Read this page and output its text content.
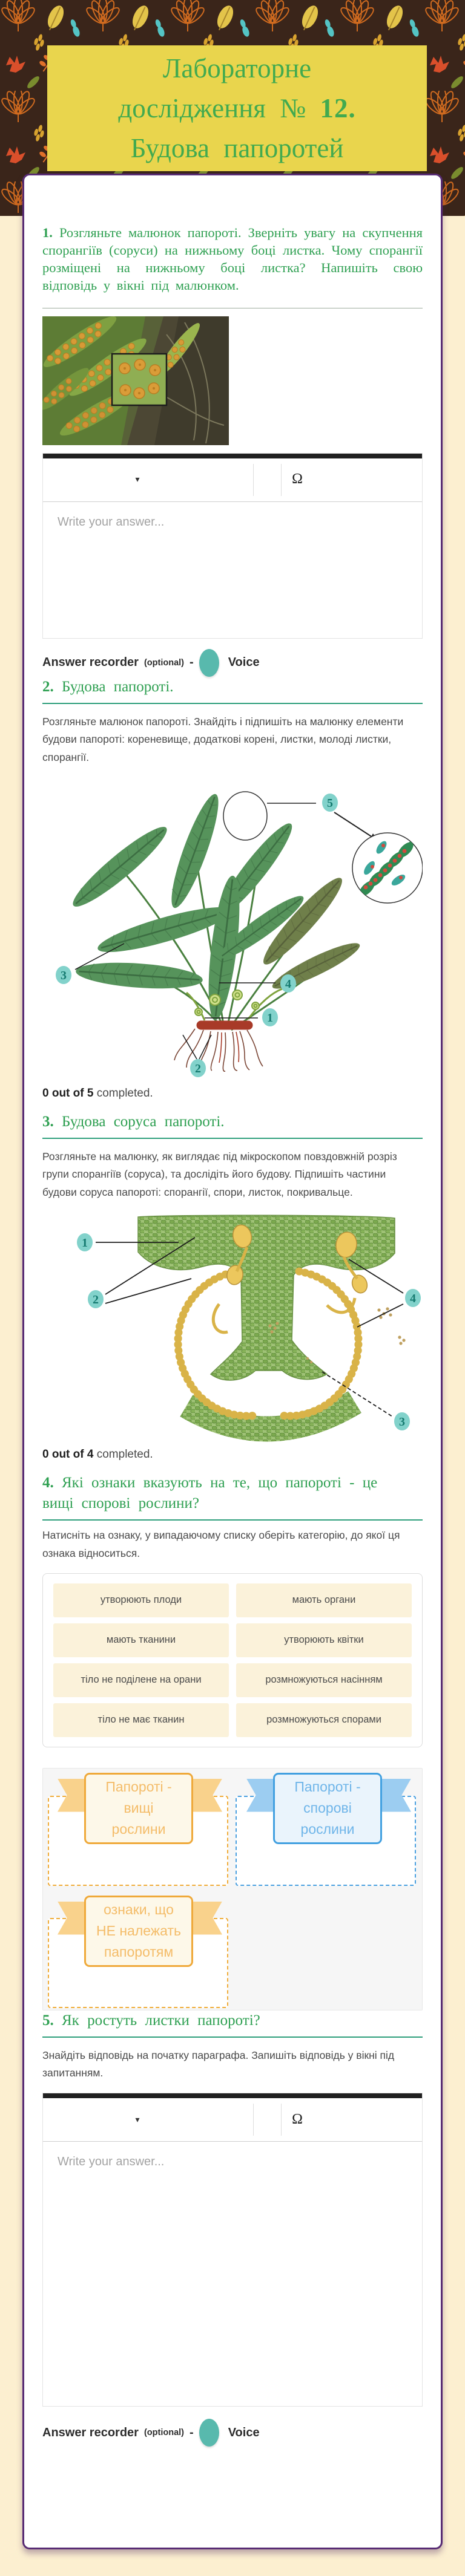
Лабораторне
дослідження № 12.
Будова папоротей

1. Розгляньте малюнок папороті. Зверніть увагу на скупчення спорангіїв (соруси) на нижньому боці листка. Чому спорангії розміщені на нижньому боці листка? Напишіть свою відповідь у вікні під малюнком.

▾	Ω
Write your answer...
Answer recorder (optional) -	Voice
2. Будова папороті.

Розгляньте малюнок папороті. Знайдіть і підпишіть на малюнку елементи будови папороті: кореневище, додаткові корені, листки, молоді листки, спорангії.

5
3
4
1
2

0 out of 5 completed.

3. Будова соруса папороті.

Розгляньте на малюнку, як виглядає під мікроскопом повздовжній розріз групи спорангіїв (соруса), та дослідіть його будову. Підпишіть частини будови соруса папороті: спорангії, спори, листок, покривальце.

1
2	4
3

0 out of 4 completed.

4. Які ознаки вказують на те, що папороті - це вищі спорові рослини?

Натисніть на ознаку, у випадаючому списку оберіть категорію, до якої ця ознака відноситься.

утворюють плоди	мають органи
мають тканини	утворюють квітки
тіло не поділене на орани	розмножуються насінням
тіло не має тканин	розмножуються спорами
Папороті -
вищі
рослини
Папороті -
спорові
рослини
ознаки, що
НЕ належать
папоротям
5. Як ростуть листки папороті?

Знайдіть відповідь на початку параграфа. Запишіть відповідь у вікні під запитанням.

▾	Ω
Write your answer...
Answer recorder (optional) -	Voice
